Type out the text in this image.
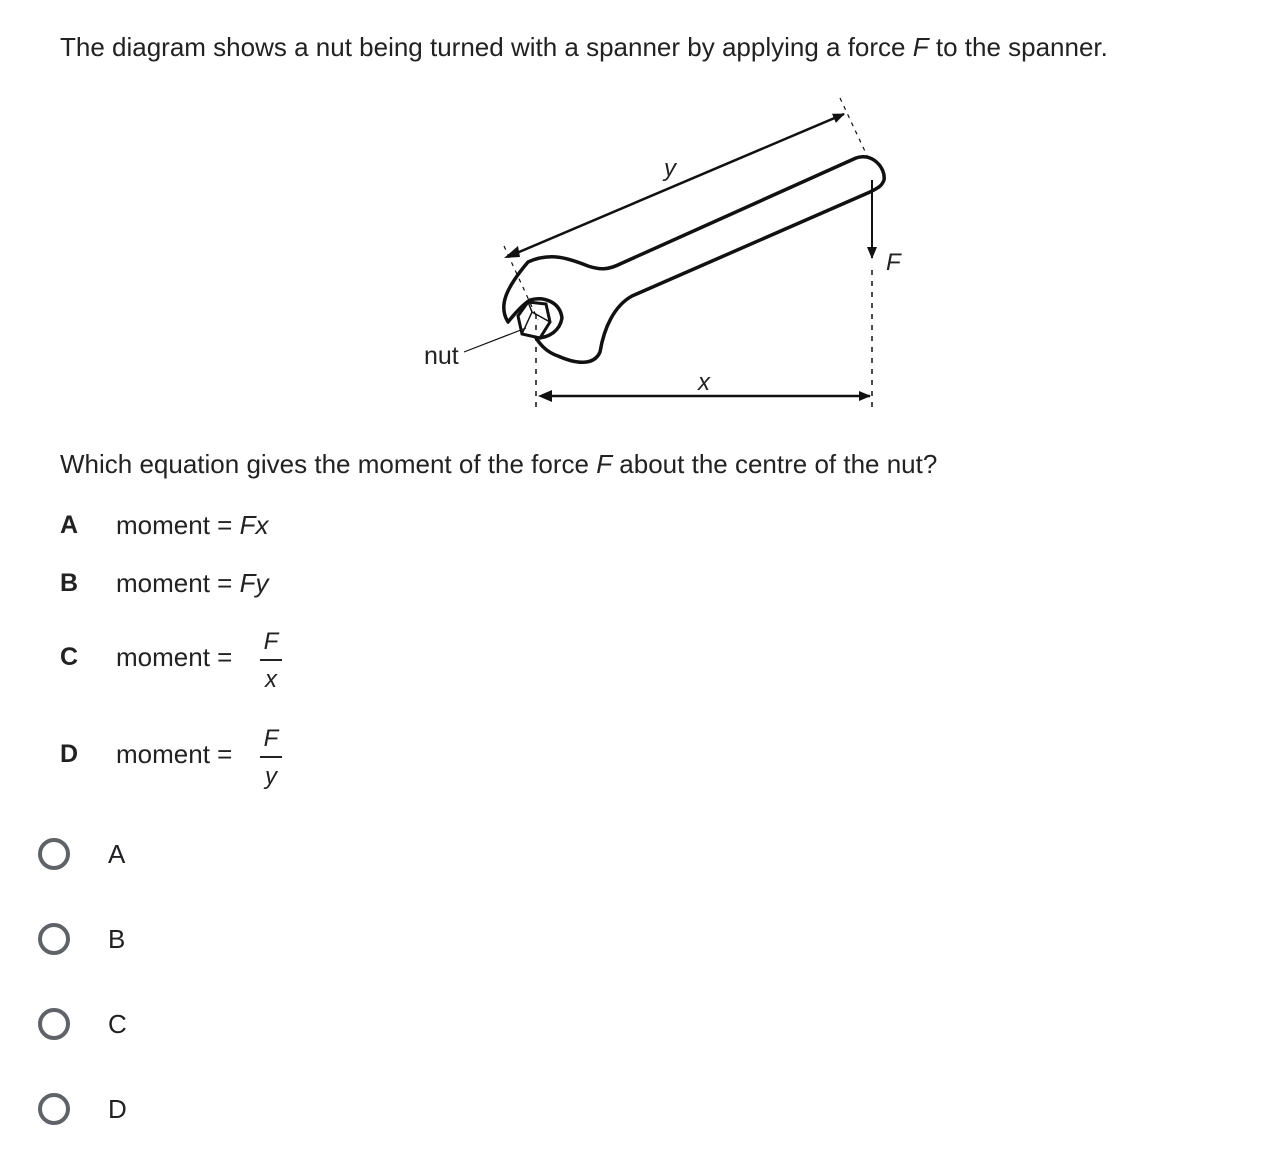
The diagram shows a nut being turned with a spanner by applying a force F to the spanner.
nut
x
y
F
Which equation gives the moment of the force F about the centre of the nut?
A moment = Fx
B moment = Fy
C moment =
F
x
D moment =
F
y
A
B
C
D
